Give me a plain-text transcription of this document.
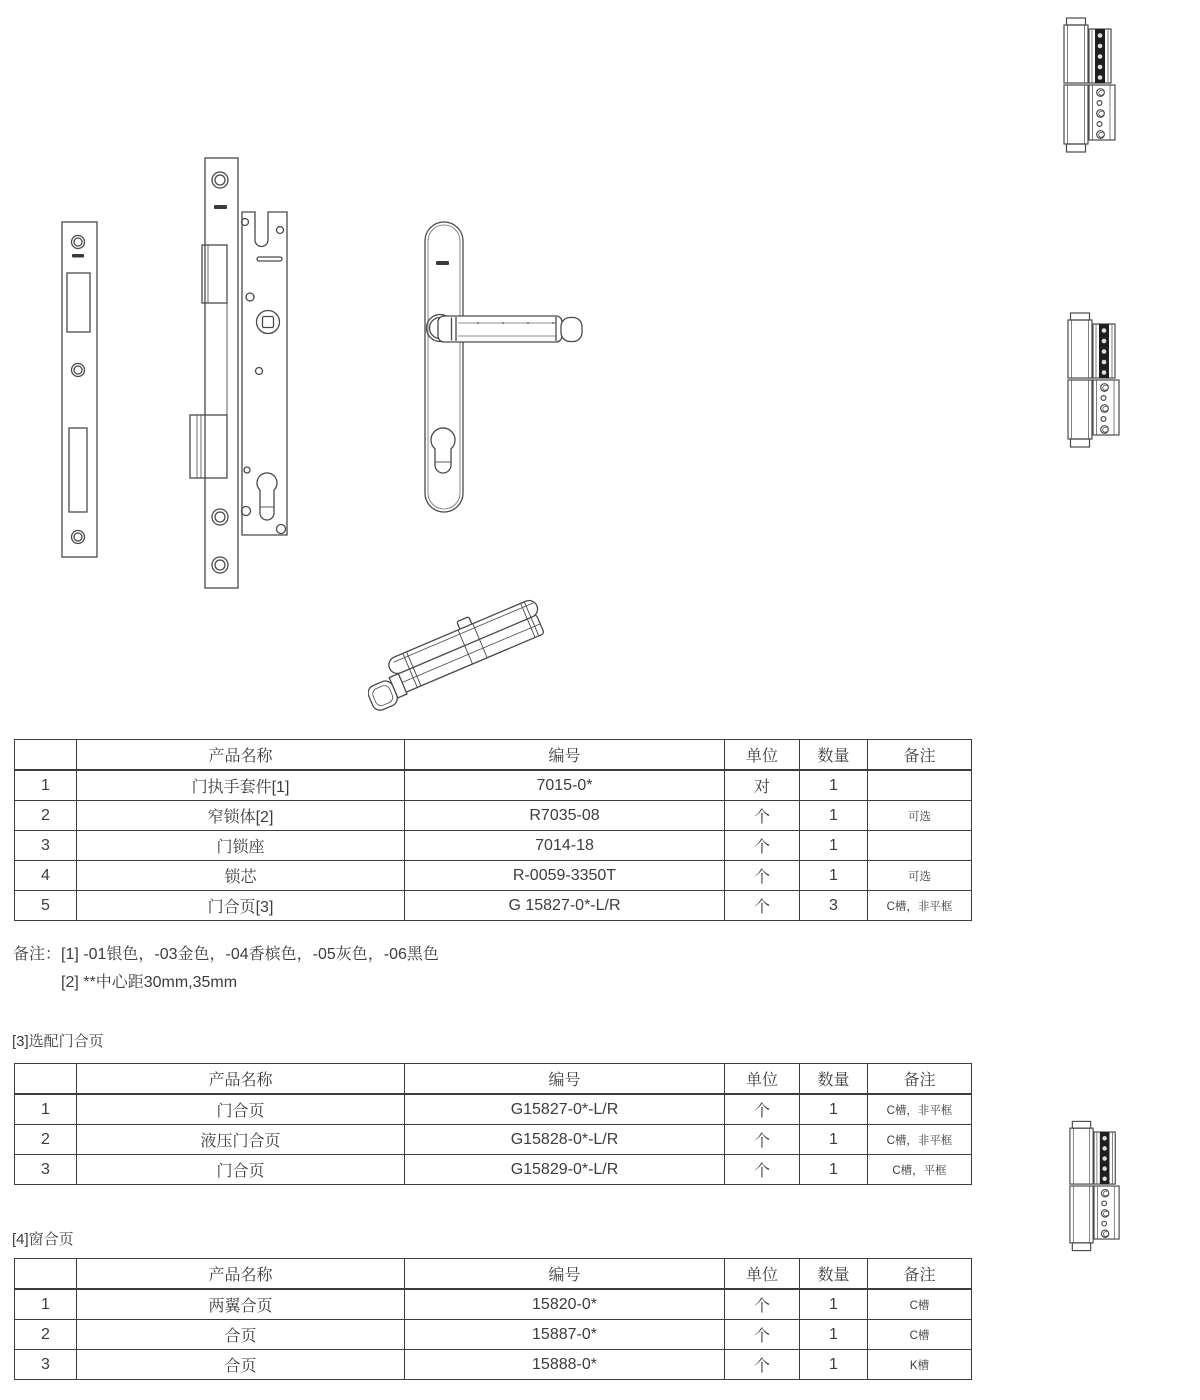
	产品名称	编号	单位	数量	备注
1	门执手套件[1]	7015-0*	对	1	
2	窄锁体[2]	R7035-08	个	1	可选
3	门锁座	7014-18	个	1	
4	锁芯	R-0059-3350T	个	1	可选
5	门合页[3]	G 15827-0*-L/R	个	3	C槽，非平框
备注： [1] -01银色，-03金色，-04香槟色，-05灰色，-06黑色
[2] **中心距30mm,35mm
[3]选配门合页
	产品名称	编号	单位	数量	备注
1	门合页	G15827-0*-L/R	个	1	C槽，非平框
2	液压门合页	G15828-0*-L/R	个	1	C槽，非平框
3	门合页	G15829-0*-L/R	个	1	C槽，平框
[4]窗合页
	产品名称	编号	单位	数量	备注
1	两翼合页	15820-0*	个	1	C槽
2	合页	15887-0*	个	1	C槽
3	合页	15888-0*	个	1	K槽
